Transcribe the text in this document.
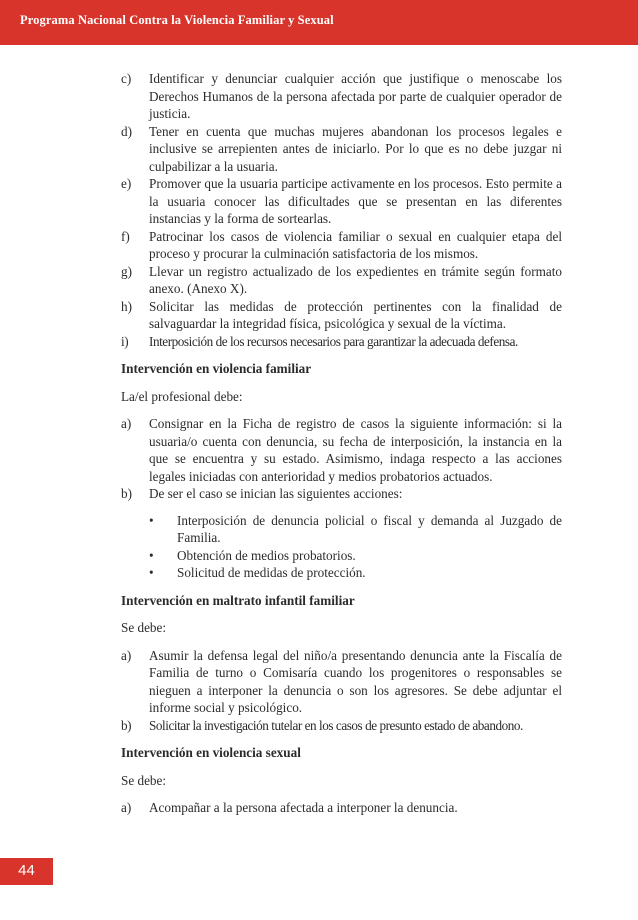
Programa Nacional Contra la Violencia Familiar y Sexual
c) Identificar y denunciar cualquier acción que justifique o menoscabe los Derechos Humanos de la persona afectada por parte de cualquier operador de justicia.
d) Tener en cuenta que muchas mujeres abandonan los procesos legales e inclusive se arrepienten antes de iniciarlo. Por lo que es no debe juzgar ni culpabilizar a la usuaria.
e) Promover que la usuaria participe activamente en los procesos. Esto permite a la usuaria conocer las dificultades que se presentan en las diferentes instancias y la forma de sortearlas.
f) Patrocinar los casos de violencia familiar o sexual en cualquier etapa del proceso y procurar la culminación satisfactoria de los mismos.
g) Llevar un registro actualizado de los expedientes en trámite según formato anexo. (Anexo X).
h) Solicitar las medidas de protección pertinentes con la finalidad de salvaguardar la integridad física, psicológica y sexual de la víctima.
i) Interposición de los recursos necesarios para garantizar la adecuada defensa.
Intervención en violencia familiar
La/el profesional debe:
a) Consignar en la Ficha de registro de casos la siguiente información: si la usuaria/o cuenta con denuncia, su fecha de interposición, la instancia en la que se encuentra y su estado. Asimismo, indaga respecto a las acciones legales iniciadas con anterioridad y medios probatorios actuados.
b) De ser el caso se inician las siguientes acciones:
• Interposición de denuncia policial o fiscal y demanda al Juzgado de Familia.
• Obtención de medios probatorios.
• Solicitud de medidas de protección.
Intervención en maltrato infantil familiar
Se debe:
a) Asumir la defensa legal del niño/a presentando denuncia ante la Fiscalía de Familia de turno o Comisaría cuando los progenitores o responsables se nieguen a interponer la denuncia o son los agresores. Se debe adjuntar el informe social y psicológico.
b) Solicitar la investigación tutelar en los casos de presunto estado de abandono.
Intervención en violencia sexual
Se debe:
a) Acompañar a la persona afectada a interponer la denuncia.
44
